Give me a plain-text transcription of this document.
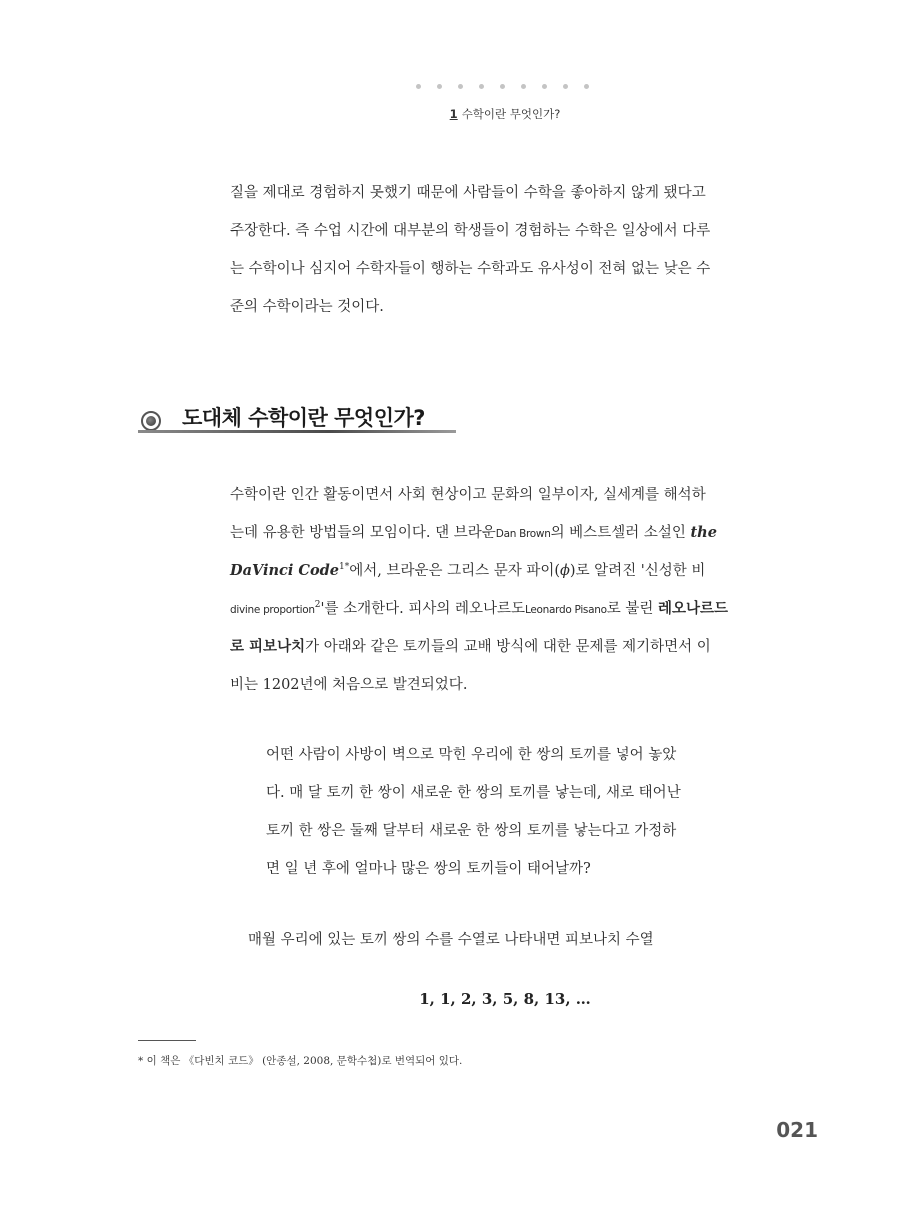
1 수학이란 무엇인가?
질을 제대로 경험하지 못했기 때문에 사람들이 수학을 좋아하지 않게 됐다고
주장한다. 즉 수업 시간에 대부분의 학생들이 경험하는 수학은 일상에서 다루
는 수학이나 심지어 수학자들이 행하는 수학과도 유사성이 전혀 없는 낮은 수
준의 수학이라는 것이다.
도대체 수학이란 무엇인가?
수학이란 인간 활동이면서 사회 현상이고 문화의 일부이자, 실세계를 해석하
는데 유용한 방법들의 모임이다. 댄 브라운Dan Brown의 베스트셀러 소설인 the
DaVinci Code$^{1*}$에서, 브라운은 그리스 문자 파이(ϕ)로 알려진 '신성한 비
divine proportion$^2$'를 소개한다. 피사의 레오나르도Leonardo Pisano로 불린 레오나르드
로 피보나치가 아래와 같은 토끼들의 교배 방식에 대한 문제를 제기하면서 이
비는 1202년에 처음으로 발견되었다.
어떤 사람이 사방이 벽으로 막힌 우리에 한 쌍의 토끼를 넣어 놓았
다. 매 달 토끼 한 쌍이 새로운 한 쌍의 토끼를 낳는데, 새로 태어난
토끼 한 쌍은 둘째 달부터 새로운 한 쌍의 토끼를 낳는다고 가정하
면 일 년 후에 얼마나 많은 쌍의 토끼들이 태어날까?
매월 우리에 있는 토끼 쌍의 수를 수열로 나타내면 피보나치 수열
1, 1, 2, 3, 5, 8, 13, …
* 이 책은 《다빈치 코드》 (안종설, 2008, 문학수첩)로 번역되어 있다.
021
